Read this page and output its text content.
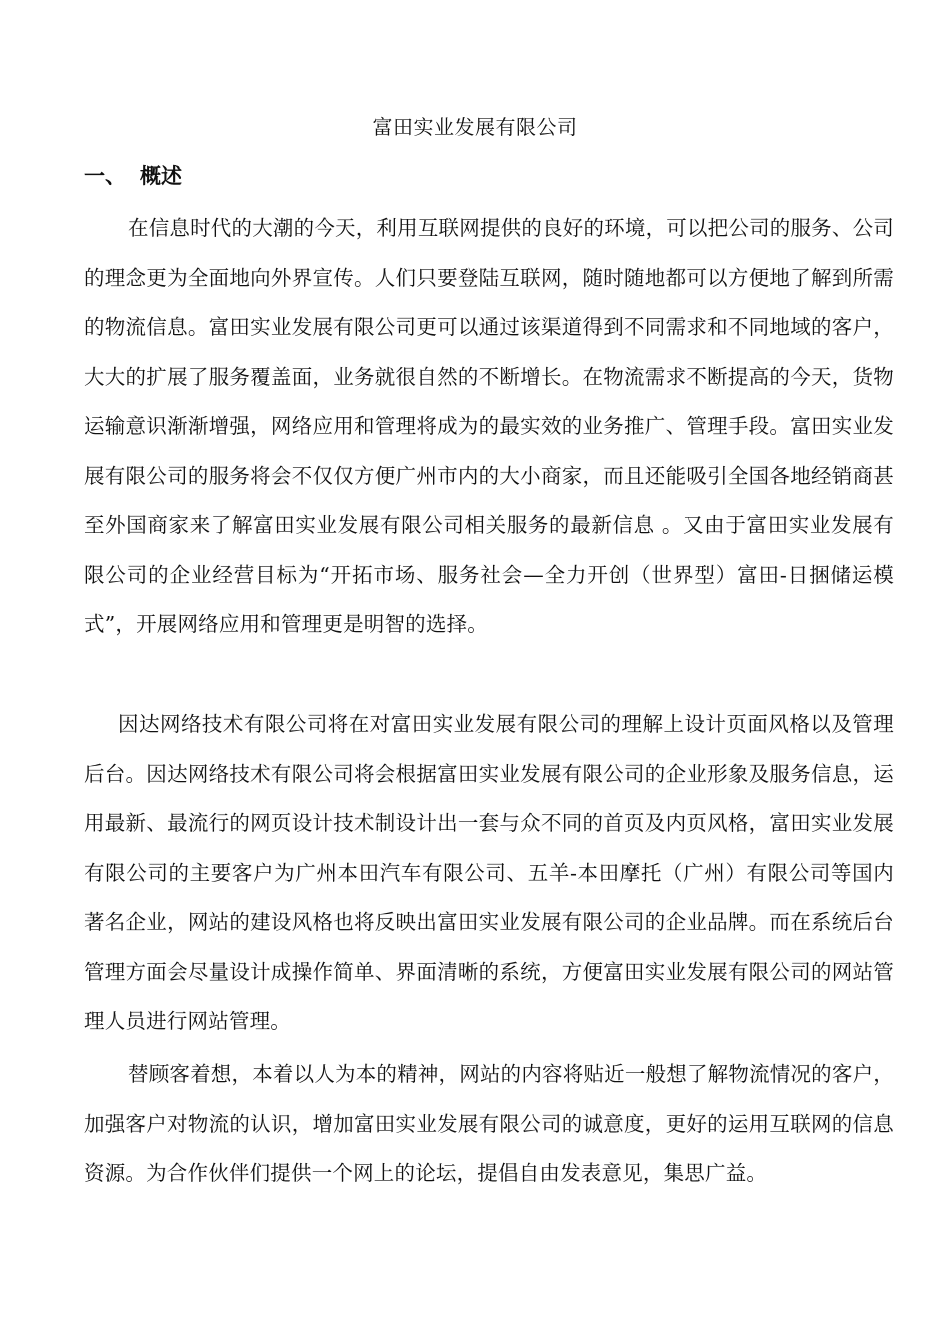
富田实业发展有限公司
一、 概述

在信息时代的大潮的今天，利用互联网提供的良好的环境，可以把公司的服务、公司的理念更为全面地向外界宣传。人们只要登陆互联网，随时随地都可以方便地了解到所需的物流信息。富田实业发展有限公司更可以通过该渠道得到不同需求和不同地域的客户，大大的扩展了服务覆盖面，业务就很自然的不断增长。在物流需求不断提高的今天，货物运输意识渐渐增强，网络应用和管理将成为的最实效的业务推广、管理手段。富田实业发展有限公司的服务将会不仅仅方便广州市内的大小商家，而且还能吸引全国各地经销商甚至外国商家来了解富田实业发展有限公司相关服务的最新信息 。又由于富田实业发展有限公司的企业经营目标为“开拓市场、服务社会—全力开创（世界型）富田-日捆储运模式”，开展网络应用和管理更是明智的选择。

因达网络技术有限公司将在对富田实业发展有限公司的理解上设计页面风格以及管理后台。因达网络技术有限公司将会根据富田实业发展有限公司的企业形象及服务信息，运用最新、最流行的网页设计技术制设计出一套与众不同的首页及内页风格，富田实业发展有限公司的主要客户为广州本田汽车有限公司、五羊-本田摩托（广州）有限公司等国内著名企业，网站的建设风格也将反映出富田实业发展有限公司的企业品牌。而在系统后台管理方面会尽量设计成操作简单、界面清晰的系统，方便富田实业发展有限公司的网站管理人员进行网站管理。

替顾客着想，本着以人为本的精神，网站的内容将贴近一般想了解物流情况的客户，加强客户对物流的认识，增加富田实业发展有限公司的诚意度，更好的运用互联网的信息资源。为合作伙伴们提供一个网上的论坛，提倡自由发表意见，集思广益。
